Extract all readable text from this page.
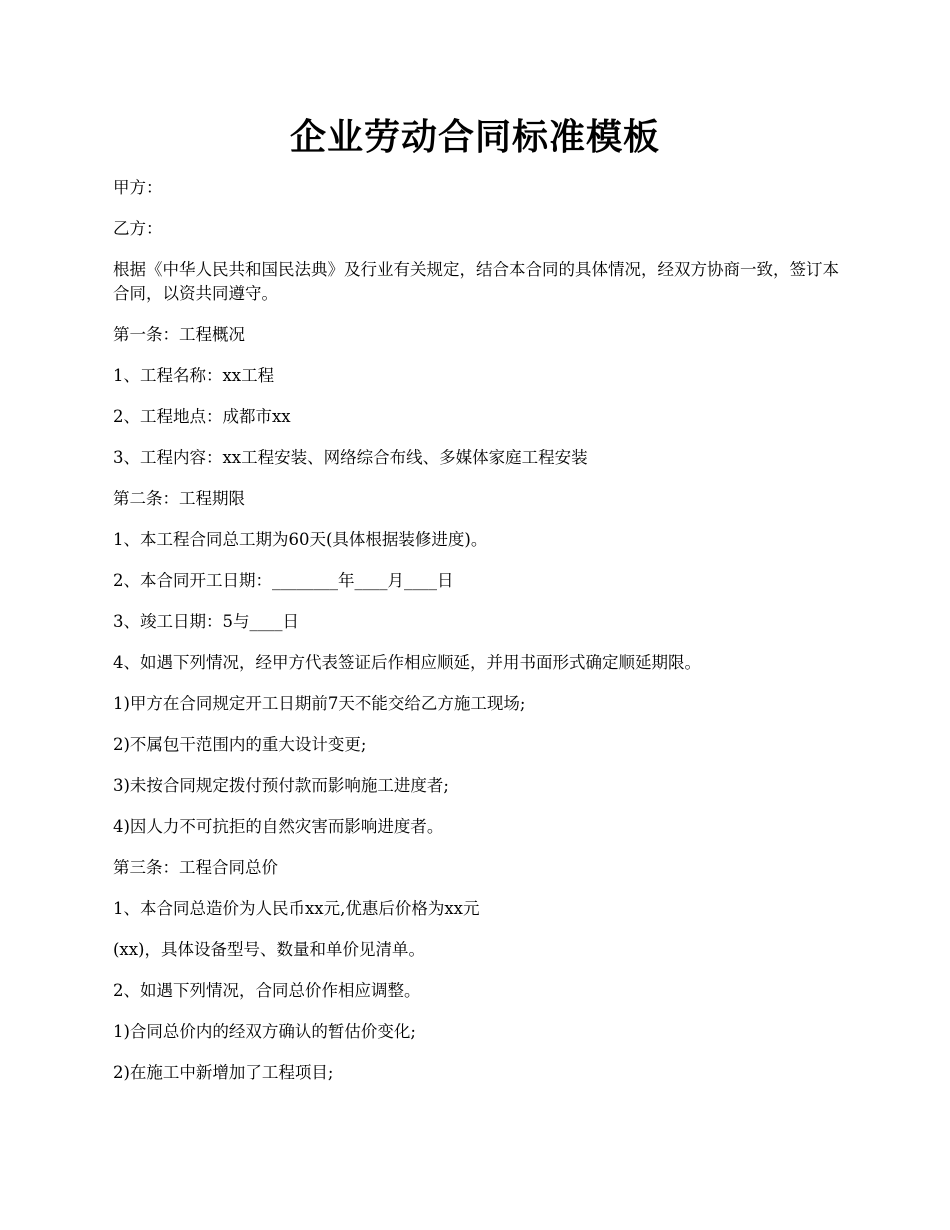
企业劳动合同标准模板

甲方：

乙方：

根据《中华人民共和国民法典》及行业有关规定，结合本合同的具体情况，经双方协商一致，签订本合同，以资共同遵守。

第一条：工程概况

1、工程名称：xx工程

2、工程地点：成都市xx

3、工程内容：xx工程安装、网络综合布线、多媒体家庭工程安装

第二条：工程期限

1、本工程合同总工期为60天(具体根据装修进度)。

2、本合同开工日期：________年____月____日

3、竣工日期：5与____日

4、如遇下列情况，经甲方代表签证后作相应顺延，并用书面形式确定顺延期限。

1)甲方在合同规定开工日期前7天不能交给乙方施工现场;

2)不属包干范围内的重大设计变更;

3)未按合同规定拨付预付款而影响施工进度者;

4)因人力不可抗拒的自然灾害而影响进度者。

第三条：工程合同总价

1、本合同总造价为人民币xx元,优惠后价格为xx元

(xx)，具体设备型号、数量和单价见清单。

2、如遇下列情况，合同总价作相应调整。

1)合同总价内的经双方确认的暂估价变化;

2)在施工中新增加了工程项目;
